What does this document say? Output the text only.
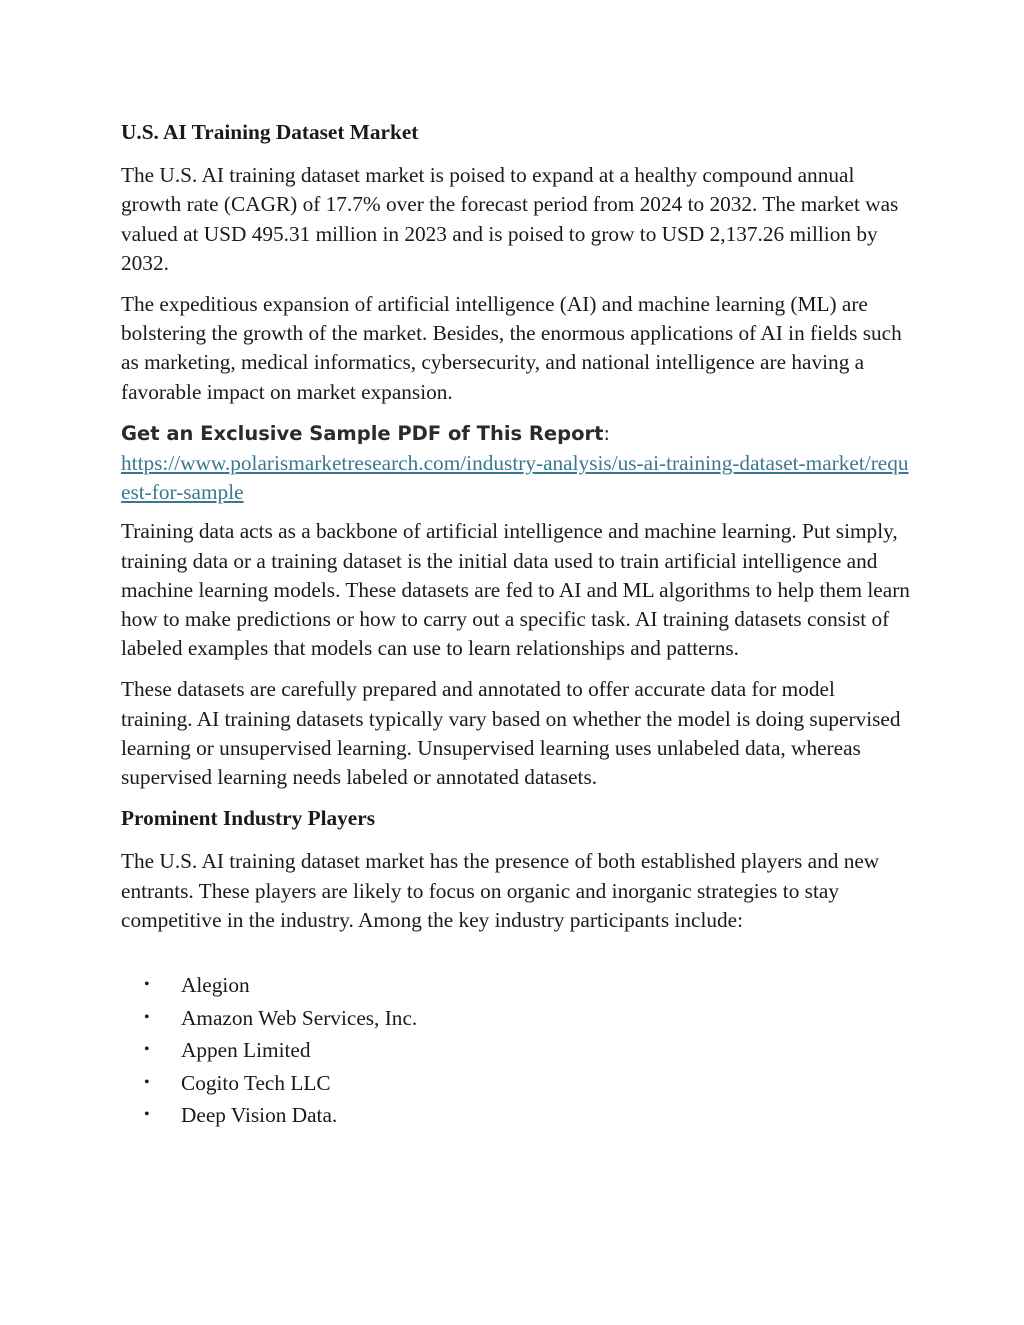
U.S. AI Training Dataset Market

The U.S. AI training dataset market is poised to expand at a healthy compound annual growth rate (CAGR) of 17.7% over the forecast period from 2024 to 2032. The market was valued at USD 495.31 million in 2023 and is poised to grow to USD 2,137.26 million by 2032.

The expeditious expansion of artificial intelligence (AI) and machine learning (ML) are bolstering the growth of the market. Besides, the enormous applications of AI in fields such as marketing, medical informatics, cybersecurity, and national intelligence are having a favorable impact on market expansion.

Get an Exclusive Sample PDF of This Report:
https://www.polarismarketresearch.com/industry-analysis/us-ai-training-dataset-market/request-for-sample

Training data acts as a backbone of artificial intelligence and machine learning. Put simply, training data or a training dataset is the initial data used to train artificial intelligence and machine learning models. These datasets are fed to AI and ML algorithms to help them learn how to make predictions or how to carry out a specific task. AI training datasets consist of labeled examples that models can use to learn relationships and patterns.

These datasets are carefully prepared and annotated to offer accurate data for model training. AI training datasets typically vary based on whether the model is doing supervised learning or unsupervised learning. Unsupervised learning uses unlabeled data, whereas supervised learning needs labeled or annotated datasets.

Prominent Industry Players

The U.S. AI training dataset market has the presence of both established players and new entrants. These players are likely to focus on organic and inorganic strategies to stay competitive in the industry. Among the key industry participants include:

• Alegion
• Amazon Web Services, Inc.
• Appen Limited
• Cogito Tech LLC
• Deep Vision Data.
